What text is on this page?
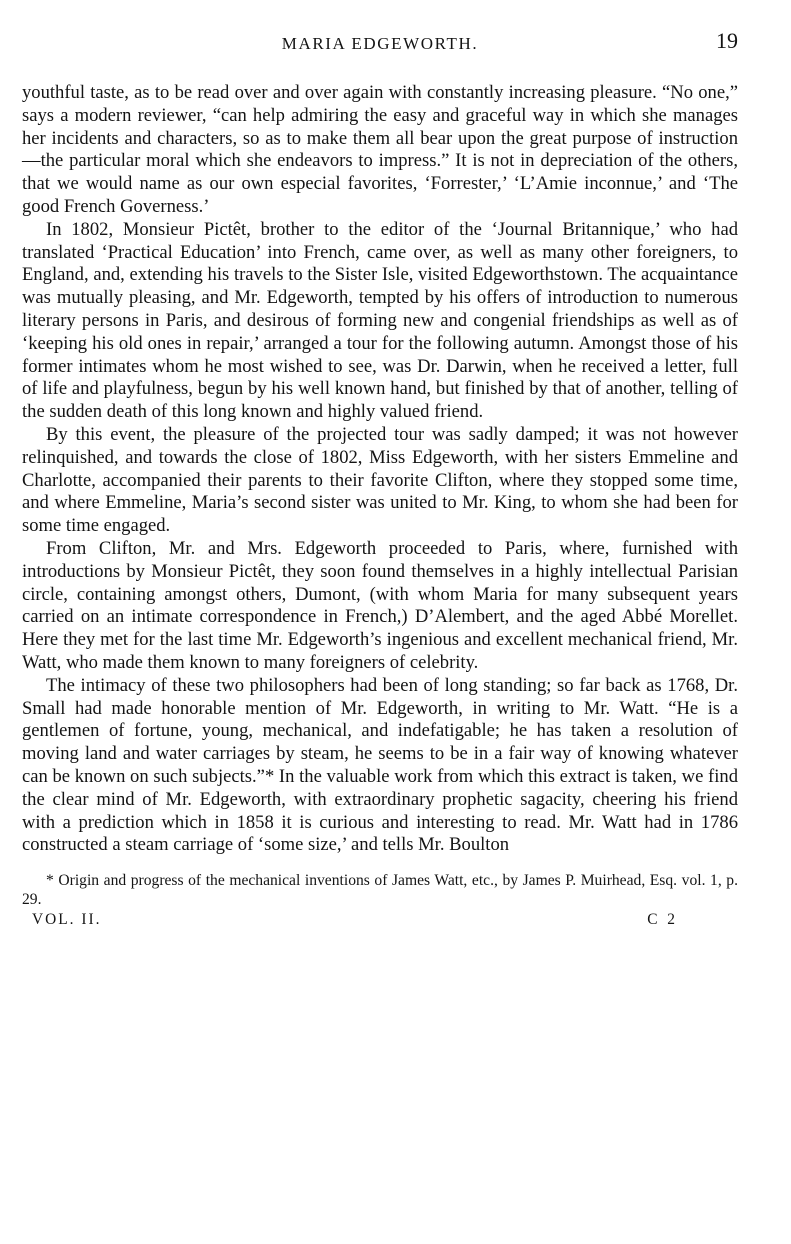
MARIA EDGEWORTH.	19

youthful taste, as to be read over and over again with constantly increasing pleasure. “No one,” says a modern reviewer, “can help admiring the easy and graceful way in which she manages her incidents and characters, so as to make them all bear upon the great purpose of instruction—the particular moral which she endeavors to impress.” It is not in depreciation of the others, that we would name as our own especial favorites, ‘Forrester,’ ‘L’Amie inconnue,’ and ‘The good French Governess.’

In 1802, Monsieur Pictêt, brother to the editor of the ‘Journal Britannique,’ who had translated ‘Practical Education’ into French, came over, as well as many other foreigners, to England, and, extending his travels to the Sister Isle, visited Edgeworthstown. The acquaintance was mutually pleasing, and Mr. Edgeworth, tempted by his offers of introduction to numerous literary persons in Paris, and desirous of forming new and congenial friendships as well as of ‘keeping his old ones in repair,’ arranged a tour for the following autumn. Amongst those of his former intimates whom he most wished to see, was Dr. Darwin, when he received a letter, full of life and playfulness, begun by his well known hand, but finished by that of another, telling of the sudden death of this long known and highly valued friend.

By this event, the pleasure of the projected tour was sadly damped; it was not however relinquished, and towards the close of 1802, Miss Edgeworth, with her sisters Emmeline and Charlotte, accompanied their parents to their favorite Clifton, where they stopped some time, and where Emmeline, Maria’s second sister was united to Mr. King, to whom she had been for some time engaged.

From Clifton, Mr. and Mrs. Edgeworth proceeded to Paris, where, furnished with introductions by Monsieur Pictêt, they soon found themselves in a highly intellectual Parisian circle, containing amongst others, Dumont, (with whom Maria for many subsequent years carried on an intimate correspondence in French,) D’Alembert, and the aged Abbé Morellet. Here they met for the last time Mr. Edgeworth’s ingenious and excellent mechanical friend, Mr. Watt, who made them known to many foreigners of celebrity.

The intimacy of these two philosophers had been of long standing; so far back as 1768, Dr. Small had made honorable mention of Mr. Edgeworth, in writing to Mr. Watt. “He is a gentlemen of fortune, young, mechanical, and indefatigable; he has taken a resolution of moving land and water carriages by steam, he seems to be in a fair way of knowing whatever can be known on such subjects.”* In the valuable work from which this extract is taken, we find the clear mind of Mr. Edgeworth, with extraordinary prophetic sagacity, cheering his friend with a prediction which in 1858 it is curious and interesting to read. Mr. Watt had in 1786 constructed a steam carriage of ‘some size,’ and tells Mr. Boulton

* Origin and progress of the mechanical inventions of James Watt, etc., by James P. Muirhead, Esq. vol. 1, p. 29.
VOL. II.	C 2
